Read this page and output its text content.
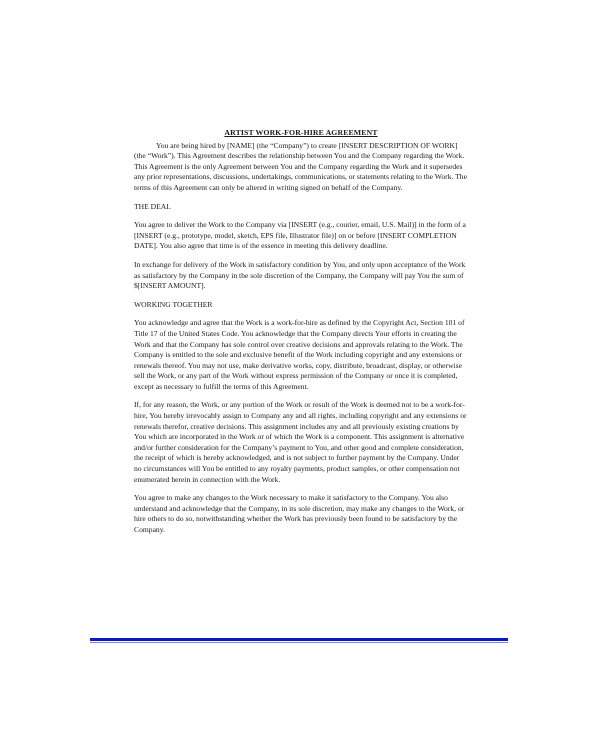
ARTIST WORK-FOR-HIRE AGREEMENT

You are being hired by [NAME] (the “Company”) to create [INSERT DESCRIPTION OF WORK] (the “Work”). This Agreement describes the relationship between You and the Company regarding the Work. This Agreement is the only Agreement between You and the Company regarding the Work and it supersedes any prior representations, discussions, undertakings, communications, or statements relating to the Work. The terms of this Agreement can only be altered in writing signed on behalf of the Company.

THE DEAL

You agree to deliver the Work to the Company via [INSERT (e.g., courier, email, U.S. Mail)] in the form of a [INSERT (e.g., prototype, model, sketch, EPS file, Illustrator file)] on or before [INSERT COMPLETION DATE]. You also agree that time is of the essence in meeting this delivery deadline.

In exchange for delivery of the Work in satisfactory condition by You, and only upon acceptance of the Work as satisfactory by the Company in the sole discretion of the Company, the Company will pay You the sum of $[INSERT AMOUNT].

WORKING TOGETHER

You acknowledge and agree that the Work is a work-for-hire as defined by the Copyright Act, Section 101 of Title 17 of the United States Code. You acknowledge that the Company directs Your efforts in creating the Work and that the Company has sole control over creative decisions and approvals relating to the Work. The Company is entitled to the sole and exclusive benefit of the Work including copyright and any extensions or renewals thereof. You may not use, make derivative works, copy, distribute, broadcast, display, or otherwise sell the Work, or any part of the Work without express permission of the Company or once it is completed, except as necessary to fulfill the terms of this Agreement.

If, for any reason, the Work, or any portion of the Work or result of the Work is deemed not to be a work-for-hire, You hereby irrevocably assign to Company any and all rights, including copyright and any extensions or renewals therefor, creative decisions. This assignment includes any and all previously existing creations by You which are incorporated in the Work or of which the Work is a component. This assignment is alternative and/or further consideration for the Company’s payment to You, and other good and complete consideration, the receipt of which is hereby acknowledged, and is not subject to further payment by the Company. Under no circumstances will You be entitled to any royalty payments, product samples, or other compensation not enumerated herein in connection with the Work.

You agree to make any changes to the Work necessary to make it satisfactory to the Company. You also understand and acknowledge that the Company, in its sole discretion, may make any changes to the Work, or hire others to do so, notwithstanding whether the Work has previously been found to be satisfactory by the Company.
